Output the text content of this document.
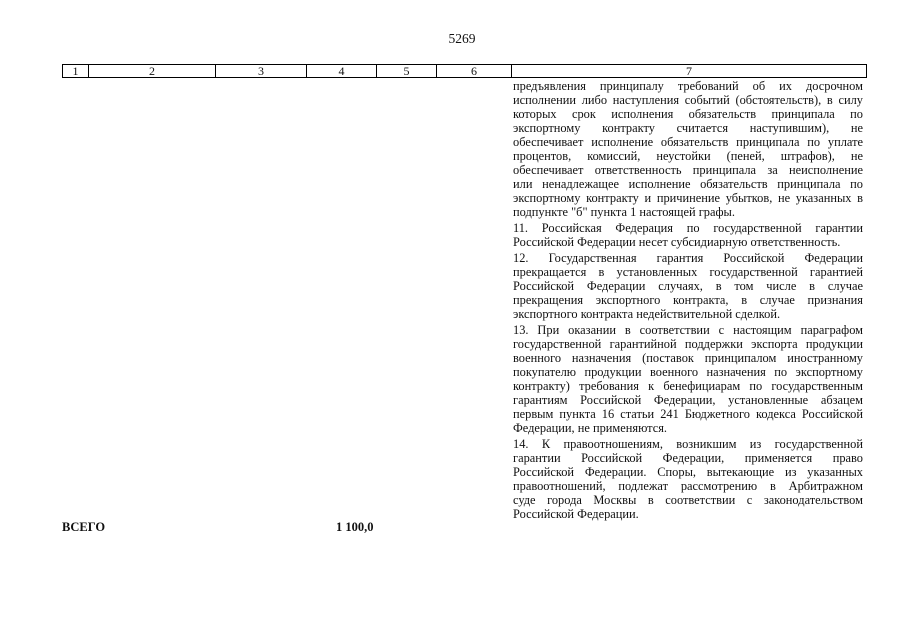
5269
1	2	3	4	5	6	7
предъявления принципалу требований об их досрочном
исполнении либо наступления событий (обстоятельств), в силу
которых срок исполнения обязательств принципала по
экспортному контракту считается наступившим), не
обеспечивает исполнение обязательств принципала по уплате
процентов, комиссий, неустойки (пеней, штрафов), не
обеспечивает ответственность принципала за неисполнение
или ненадлежащее исполнение обязательств принципала по
экспортному контракту и причинение убытков, не указанных в
подпункте "б" пункта 1 настоящей графы.
11. Российская Федерация по государственной гарантии
Российской Федерации несет субсидиарную ответственность.
12. Государственная гарантия Российской Федерации
прекращается в установленных государственной гарантией
Российской Федерации случаях, в том числе в случае
прекращения экспортного контракта, в случае признания
экспортного контракта недействительной сделкой.
13. При оказании в соответствии с настоящим параграфом
государственной гарантийной поддержки экспорта продукции
военного назначения (поставок принципалом иностранному
покупателю продукции военного назначения по экспортному
контракту) требования к бенефициарам по государственным
гарантиям Российской Федерации, установленные абзацем
первым пункта 16 статьи 241 Бюджетного кодекса Российской
Федерации, не применяются.
14. К правоотношениям, возникшим из государственной
гарантии Российской Федерации, применяется право
Российской Федерации. Споры, вытекающие из указанных
правоотношений, подлежат рассмотрению в Арбитражном
суде города Москвы в соответствии с законодательством
Российской Федерации.
ВСЕГО	1 100,0
